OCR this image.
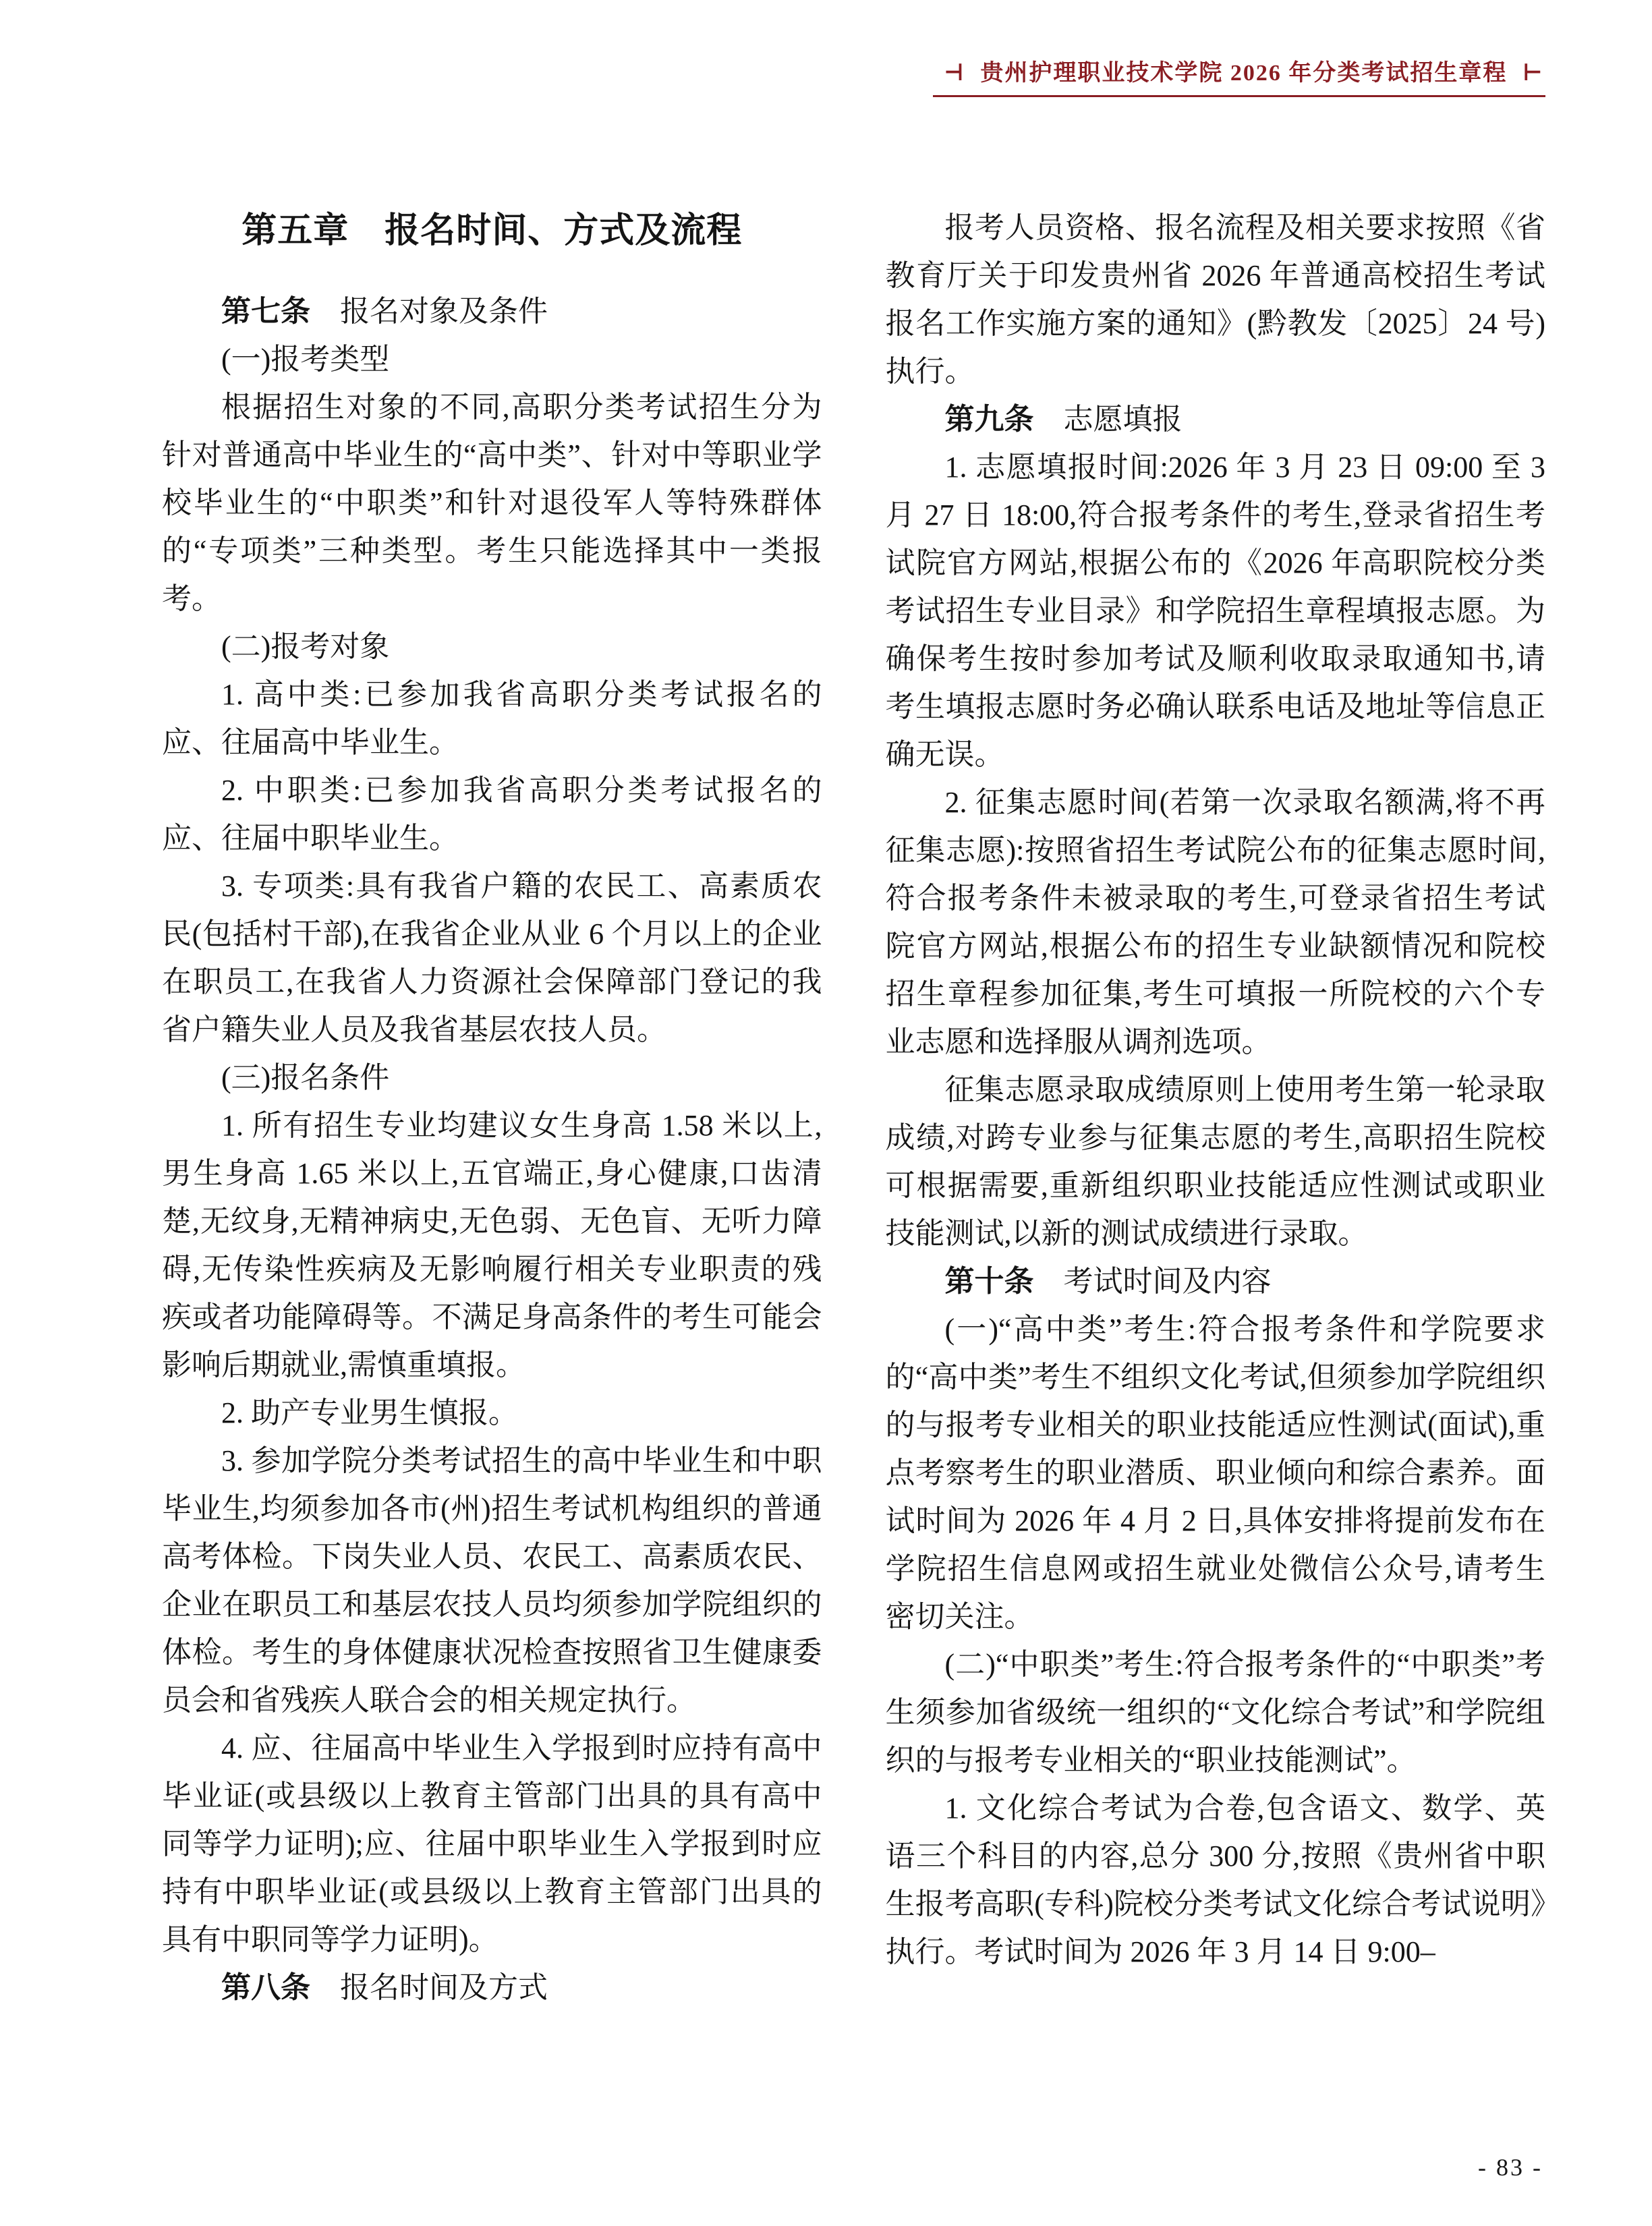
⊣ 贵州护理职业技术学院 2026 年分类考试招生章程 ⊢
第五章　报名时间、方式及流程

第七条　报名对象及条件

(一)报考类型

根据招生对象的不同,高职分类考试招生分为针对普通高中毕业生的“高中类”、针对中等职业学校毕业生的“中职类”和针对退役军人等特殊群体的“专项类”三种类型。考生只能选择其中一类报考。

(二)报考对象

1. 高中类:已参加我省高职分类考试报名的应、往届高中毕业生。

2. 中职类:已参加我省高职分类考试报名的应、往届中职毕业生。

3. 专项类:具有我省户籍的农民工、高素质农民(包括村干部),在我省企业从业 6 个月以上的企业在职员工,在我省人力资源社会保障部门登记的我省户籍失业人员及我省基层农技人员。

(三)报名条件

1. 所有招生专业均建议女生身高 1.58 米以上,男生身高 1.65 米以上,五官端正,身心健康,口齿清楚,无纹身,无精神病史,无色弱、无色盲、无听力障碍,无传染性疾病及无影响履行相关专业职责的残疾或者功能障碍等。不满足身高条件的考生可能会影响后期就业,需慎重填报。

2. 助产专业男生慎报。

3. 参加学院分类考试招生的高中毕业生和中职毕业生,均须参加各市(州)招生考试机构组织的普通高考体检。下岗失业人员、农民工、高素质农民、企业在职员工和基层农技人员均须参加学院组织的体检。考生的身体健康状况检查按照省卫生健康委员会和省残疾人联合会的相关规定执行。

4. 应、往届高中毕业生入学报到时应持有高中毕业证(或县级以上教育主管部门出具的具有高中同等学力证明);应、往届中职毕业生入学报到时应持有中职毕业证(或县级以上教育主管部门出具的具有中职同等学力证明)。

第八条　报名时间及方式

报考人员资格、报名流程及相关要求按照《省教育厅关于印发贵州省 2026 年普通高校招生考试报名工作实施方案的通知》(黔教发〔2025〕24 号)执行。

第九条　志愿填报

1. 志愿填报时间:2026 年 3 月 23 日 09:00 至 3 月 27 日 18:00,符合报考条件的考生,登录省招生考试院官方网站,根据公布的《2026 年高职院校分类考试招生专业目录》和学院招生章程填报志愿。为确保考生按时参加考试及顺利收取录取通知书,请考生填报志愿时务必确认联系电话及地址等信息正确无误。

2. 征集志愿时间(若第一次录取名额满,将不再征集志愿):按照省招生考试院公布的征集志愿时间,符合报考条件未被录取的考生,可登录省招生考试院官方网站,根据公布的招生专业缺额情况和院校招生章程参加征集,考生可填报一所院校的六个专业志愿和选择服从调剂选项。

征集志愿录取成绩原则上使用考生第一轮录取成绩,对跨专业参与征集志愿的考生,高职招生院校可根据需要,重新组织职业技能适应性测试或职业技能测试,以新的测试成绩进行录取。

第十条　考试时间及内容

(一)“高中类”考生:符合报考条件和学院要求的“高中类”考生不组织文化考试,但须参加学院组织的与报考专业相关的职业技能适应性测试(面试),重点考察考生的职业潜质、职业倾向和综合素养。面试时间为 2026 年 4 月 2 日,具体安排将提前发布在学院招生信息网或招生就业处微信公众号,请考生密切关注。

(二)“中职类”考生:符合报考条件的“中职类”考生须参加省级统一组织的“文化综合考试”和学院组织的与报考专业相关的“职业技能测试”。

1. 文化综合考试为合卷,包含语文、数学、英语三个科目的内容,总分 300 分,按照《贵州省中职生报考高职(专科)院校分类考试文化综合考试说明》执行。考试时间为 2026 年 3 月 14 日 9:00–

- 83 -
